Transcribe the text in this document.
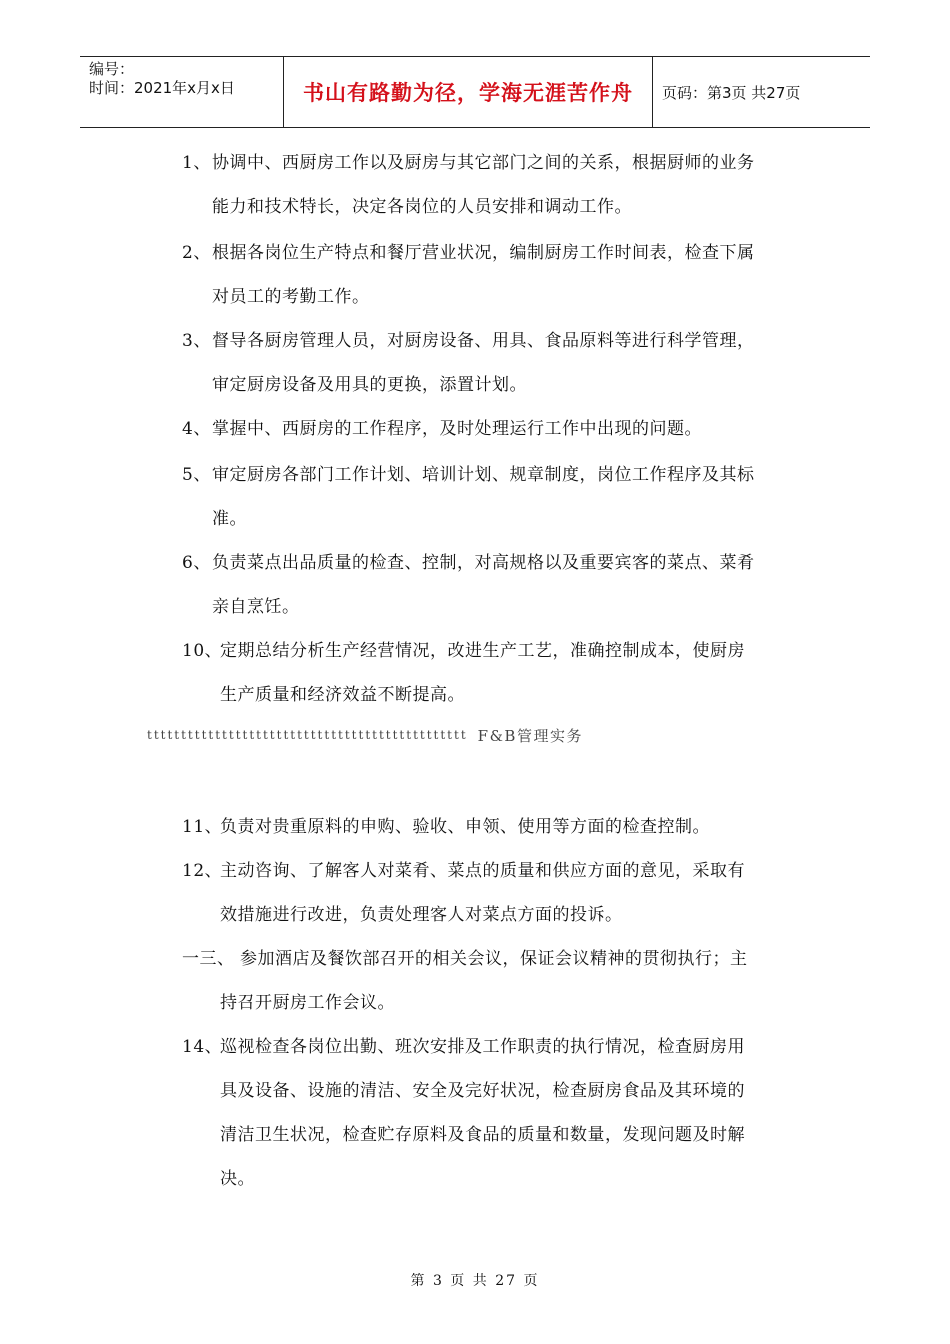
编号：
时间：2021年x月x日	书山有路勤为径，学海无涯苦作舟	页码：第3页 共27页
1、 协调中、西厨房工作以及厨房与其它部门之间的关系，根据厨师的业务
能力和技术特长，决定各岗位的人员安排和调动工作。
2、 根据各岗位生产特点和餐厅营业状况，编制厨房工作时间表，检查下属
对员工的考勤工作。
3、 督导各厨房管理人员，对厨房设备、用具、食品原料等进行科学管理，
审定厨房设备及用具的更换，添置计划。
4、 掌握中、西厨房的工作程序，及时处理运行工作中出现的问题。
5、 审定厨房各部门工作计划、培训计划、规章制度，岗位工作程序及其标
准。
6、 负责菜点出品质量的检查、控制，对高规格以及重要宾客的菜点、菜肴
亲自烹饪。
10、
定期总结分析生产经营情况，改进生产工艺，准确控制成本，使厨房
生产质量和经济效益不断提高。
11、
负责对贵重原料的申购、验收、申领、使用等方面的检查控制。
12、
主动咨询、了解客人对菜肴、菜点的质量和供应方面的意见，采取有
效措施进行改进，负责处理客人对菜点方面的投诉。
一三、 参加酒店及餐饮部召开的相关会议，保证会议精神的贯彻执行；主
持召开厨房工作会议。
14、
巡视检查各岗位出勤、班次安排及工作职责的执行情况，检查厨房用
具及设备、设施的清洁、安全及完好状况，检查厨房食品及其环境的
清洁卫生状况，检查贮存原料及食品的质量和数量，发现问题及时解
决。
ttttttttttttttttttttttttttttttttttttttttttttttt F&B管理实务
第 3 页 共 27 页
